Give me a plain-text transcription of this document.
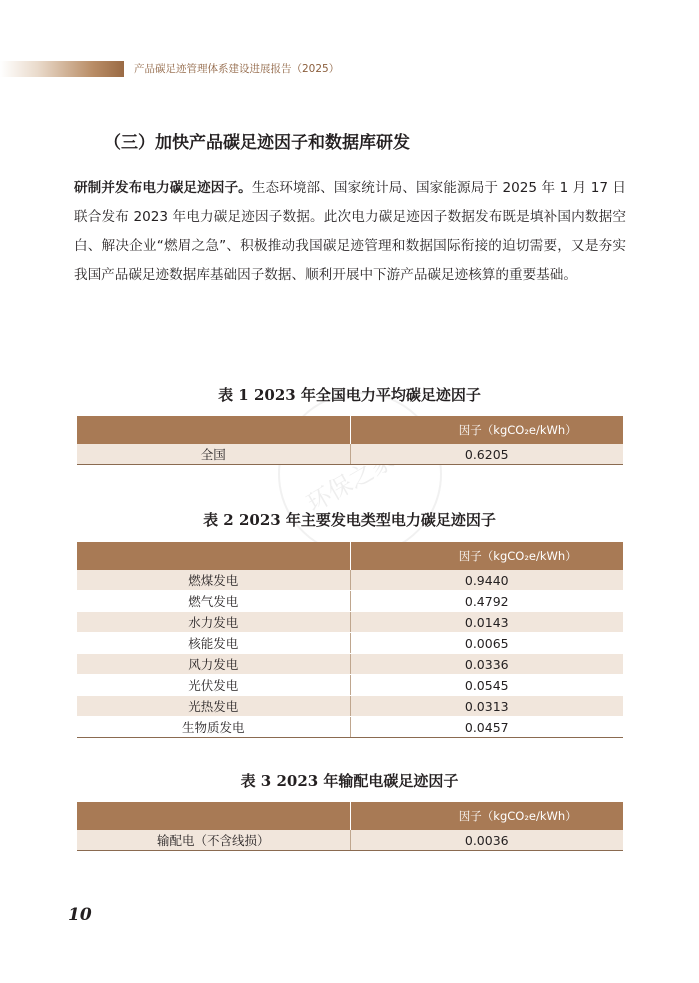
产品碳足迹管理体系建设进展报告（2025）
（三）加快产品碳足迹因子和数据库研发
研制并发布电力碳足迹因子。生态环境部、国家统计局、国家能源局于 2025 年 1 月 17 日联合发布 2023 年电力碳足迹因子数据。此次电力碳足迹因子数据发布既是填补国内数据空白、解决企业“燃眉之急”、积极推动我国碳足迹管理和数据国际衔接的迫切需要，又是夯实我国产品碳足迹数据库基础因子数据、顺利开展中下游产品碳足迹核算的重要基础。
环保之家网
表 1 2023 年全国电力平均碳足迹因子
	因子（kgCO₂e/kWh）
全国	0.6205
表 2 2023 年主要发电类型电力碳足迹因子
	因子（kgCO₂e/kWh）
燃煤发电	0.9440
燃气发电	0.4792
水力发电	0.0143
核能发电	0.0065
风力发电	0.0336
光伏发电	0.0545
光热发电	0.0313
生物质发电	0.0457
表 3 2023 年输配电碳足迹因子
	因子（kgCO₂e/kWh）
输配电（不含线损）	0.0036
10
